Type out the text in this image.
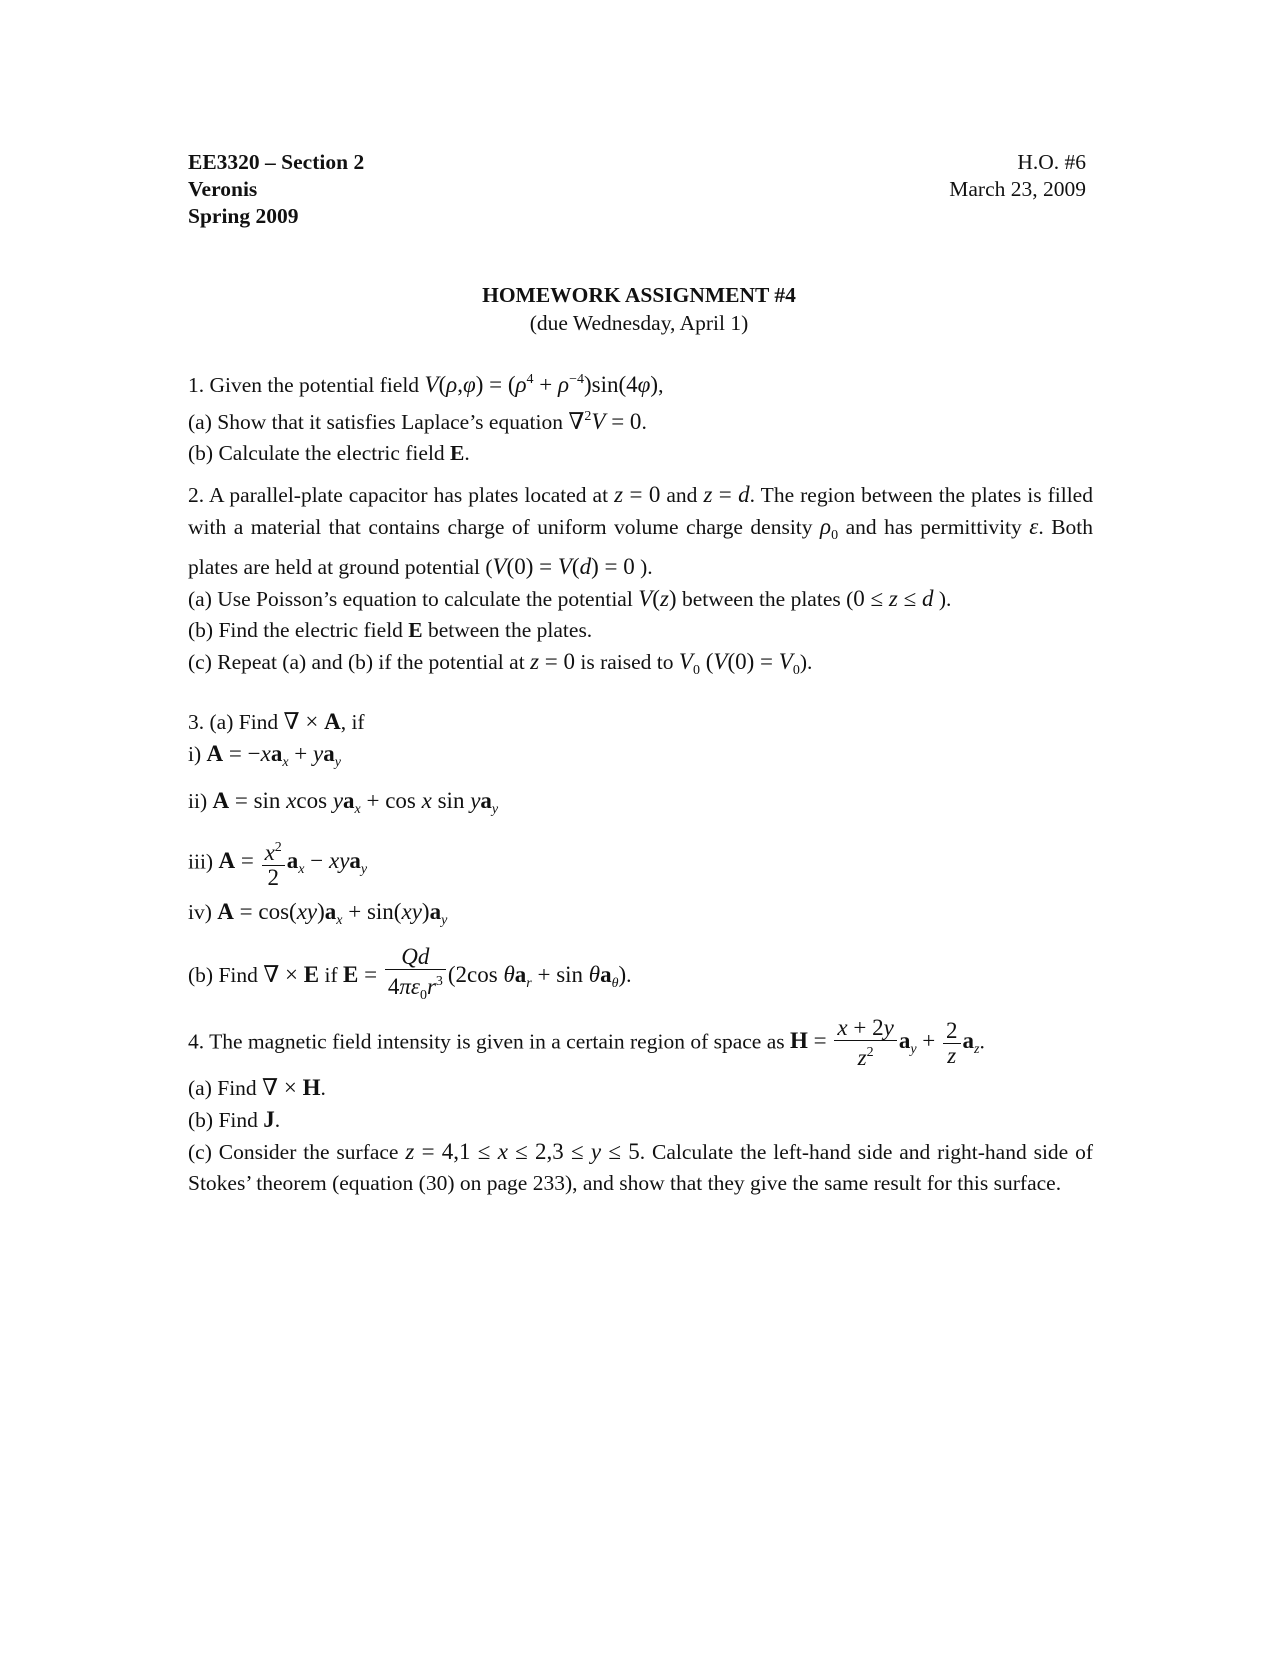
EE3320 – Section 2
Veronis
Spring 2009
H.O. #6
March 23, 2009
HOMEWORK ASSIGNMENT #4
(due Wednesday, April 1)

1. Given the potential field $V(\rho,\varphi) = (\rho^4 + \rho^{-4})\sin(4\varphi)$,

(a) Show that it satisfies Laplace’s equation ∇$^2$V = 0.

(b) Calculate the electric field E.

2. A parallel-plate capacitor has plates located at z = 0 and z = d. The region between the plates is filled with a material that contains charge of uniform volume charge density $\rho_0$ and has permittivity ε. Both plates are held at ground potential (V(0) = V(d) = 0 ).

(a) Use Poisson’s equation to calculate the potential V(z) between the plates (0 ≤ z ≤ d ).

(b) Find the electric field E between the plates.

(c) Repeat (a) and (b) if the potential at z = 0 is raised to $V_0$ $(V(0) = V_0)$.

3. (a) Find ∇ × A, if

i) $A = -xa_x + ya_y$

ii) A = sin xcos $ya_x + \cos x$ $\sin ya_y$

iii) $A = \frac{x^2}{2} a_x - xya_y$

iv) $A = \cos(xy)a_x + \sin(xy)a_y$

(b) Find ∇ × E if $E = \frac{Qd}{4\pi\varepsilon_0r^3} (2\cos$ $\theta a_r + \sin \theta a_\theta$).

4. The magnetic field intensity is given in a certain region of space as $H = \frac{x + 2y}{z^2} a_y + \frac{2}{z} a_z$.

(a) Find ∇ × H.

(b) Find J.

(c) Consider the surface z = 4,1 ≤ x ≤ 2,3 ≤ y ≤ 5. Calculate the left-hand side and right-hand side of Stokes’ theorem (equation (30) on page 233), and show that they give the same result for this surface.
